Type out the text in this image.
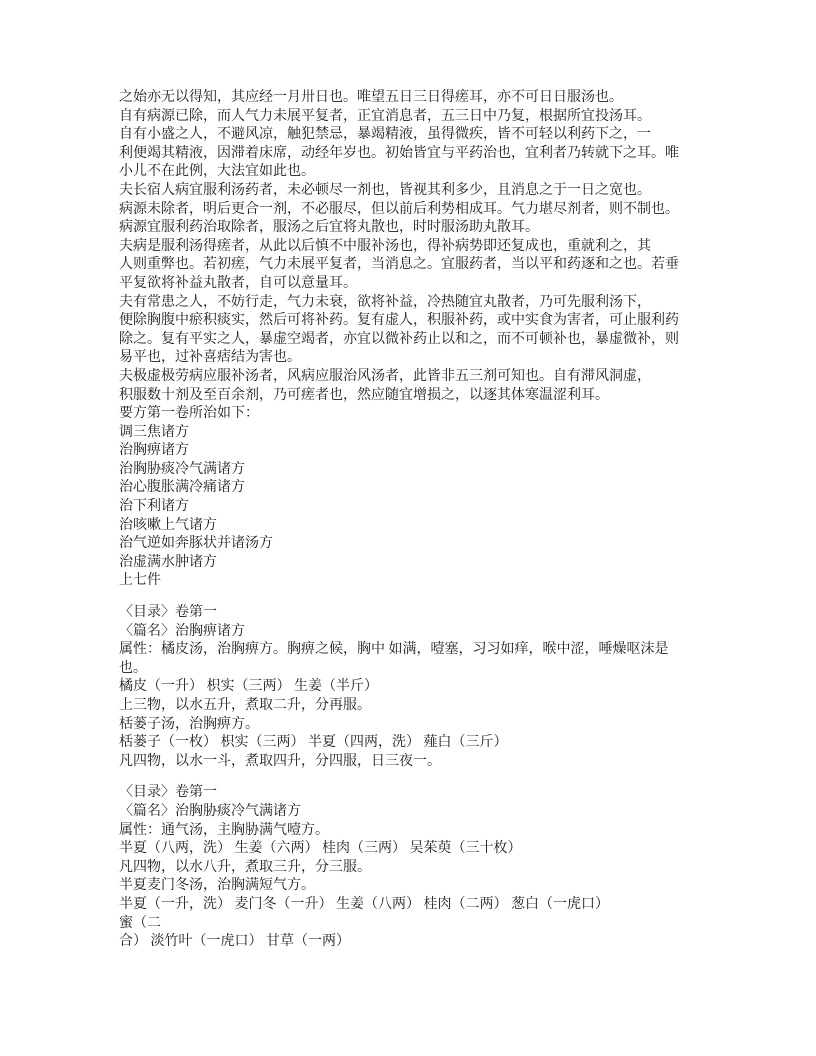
之始亦无以得知，其应经一月卅日也。唯望五日三日得瘥耳，亦不可日日服汤也。
自有病源已除，而人气力未展平复者，正宜消息者，五三日中乃复，根据所宜投汤耳。
自有小盛之人，不避风凉，触犯禁忌，暴竭精液，虽得微疾，皆不可轻以利药下之，一
利便竭其精液，因滞着床席，动经年岁也。初始皆宜与平药治也，宜利者乃转就下之耳。唯
小儿不在此例，大法宜如此也。
夫长宿人病宜服利汤药者，未必顿尽一剂也，皆视其利多少，且消息之于一日之宽也。
病源未除者，明后更合一剂，不必服尽，但以前后利势相成耳。气力堪尽剂者，则不制也。
病源宜服利药治取除者，服汤之后宜将丸散也，时时服汤助丸散耳。
夫病是服利汤得瘥者，从此以后慎不中服补汤也，得补病势即还复成也，重就利之，其
人则重弊也。若初瘥，气力未展平复者，当消息之。宜服药者，当以平和药逐和之也。若垂
平复欲将补益丸散者，自可以意量耳。
夫有常患之人，不妨行走，气力未衰，欲将补益，冷热随宜丸散者，乃可先服利汤下，
便除胸腹中瘀积痰实，然后可将补药。复有虚人，积服补药，或中实食为害者，可止服利药
除之。复有平实之人，暴虚空竭者，亦宜以微补药止以和之，而不可顿补也，暴虚微补，则
易平也，过补喜痞结为害也。
夫极虚极劳病应服补汤者，风病应服治风汤者，此皆非五三剂可知也。自有滞风洞虚，
积服数十剂及至百余剂，乃可瘥者也，然应随宜增损之，以逐其体寒温涩利耳。
要方第一卷所治如下：
调三焦诸方
治胸痹诸方
治胸胁痰冷气满诸方
治心腹胀满冷痛诸方
治下利诸方
治咳嗽上气诸方
治气逆如奔豚状并诸汤方
治虚满水肿诸方
上七件
〈目录〉卷第一
〈篇名〉治胸痹诸方
属性：橘皮汤，治胸痹方。胸痹之候，胸中 如满，噎塞，习习如痒，喉中涩，唾燥呕沫是
也。
橘皮（一升） 枳实（三两） 生姜（半斤）
上三物，以水五升，煮取二升，分再服。
栝蒌子汤，治胸痹方。
栝蒌子（一枚） 枳实（三两） 半夏（四两，洗） 薤白（三斤）
凡四物，以水一斗，煮取四升，分四服，日三夜一。
〈目录〉卷第一
〈篇名〉治胸胁痰冷气满诸方
属性：通气汤，主胸胁满气噎方。
半夏（八两，洗） 生姜（六两） 桂肉（三两） 吴茱萸（三十枚）
凡四物，以水八升，煮取三升，分三服。
半夏麦门冬汤，治胸满短气方。
半夏（一升，洗） 麦门冬（一升） 生姜（八两） 桂肉（二两） 葱白（一虎口）
蜜（二
合） 淡竹叶（一虎口） 甘草（一两）
